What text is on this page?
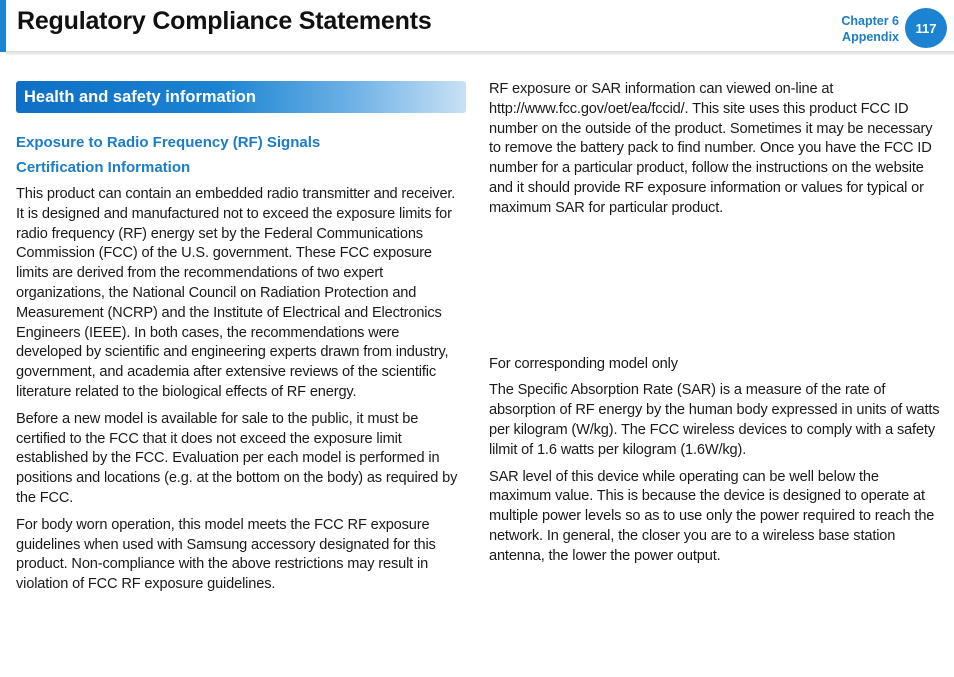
Regulatory Compliance Statements	Chapter 6
Appendix
117
Health and safety information
Exposure to Radio Frequency (RF) Signals
Certification Information

This product can contain an embedded radio transmitter and receiver. It is designed and manufactured not to exceed the exposure limits for radio frequency (RF) energy set by the Federal Communications Commission (FCC) of the U.S. government. These FCC exposure limits are derived from the recommendations of two expert organizations, the National Council on Radiation Protection and Measurement (NCRP) and the Institute of Electrical and Electronics Engineers (IEEE). In both cases, the recommendations were developed by scientific and engineering experts drawn from industry, government, and academia after extensive reviews of the scientific literature related to the biological effects of RF energy.

Before a new model is available for sale to the public, it must be certified to the FCC that it does not exceed the exposure limit established by the FCC. Evaluation per each model is performed in positions and locations (e.g. at the bottom on the body) as required by the FCC.

For body worn operation, this model meets the FCC RF exposure guidelines when used with Samsung accessory designated for this product. Non-compliance with the above restrictions may result in violation of FCC RF exposure guidelines.

RF exposure or SAR information can viewed on-line at http://www.fcc.gov/oet/ea/fccid/. This site uses this product FCC ID number on the outside of the product. Sometimes it may be necessary to remove the battery pack to find number. Once you have the FCC ID number for a particular product, follow the instructions on the website and it should provide RF exposure information or values for typical or maximum SAR for particular product.

For corresponding model only

The Specific Absorption Rate (SAR) is a measure of the rate of absorption of RF energy by the human body expressed in units of watts per kilogram (W/kg). The FCC wireless devices to comply with a safety lilmit of 1.6 watts per kilogram (1.6W/kg).

SAR level of this device while operating can be well below the maximum value. This is because the device is designed to operate at multiple power levels so as to use only the power required to reach the network. In general, the closer you are to a wireless base station antenna, the lower the power output.
